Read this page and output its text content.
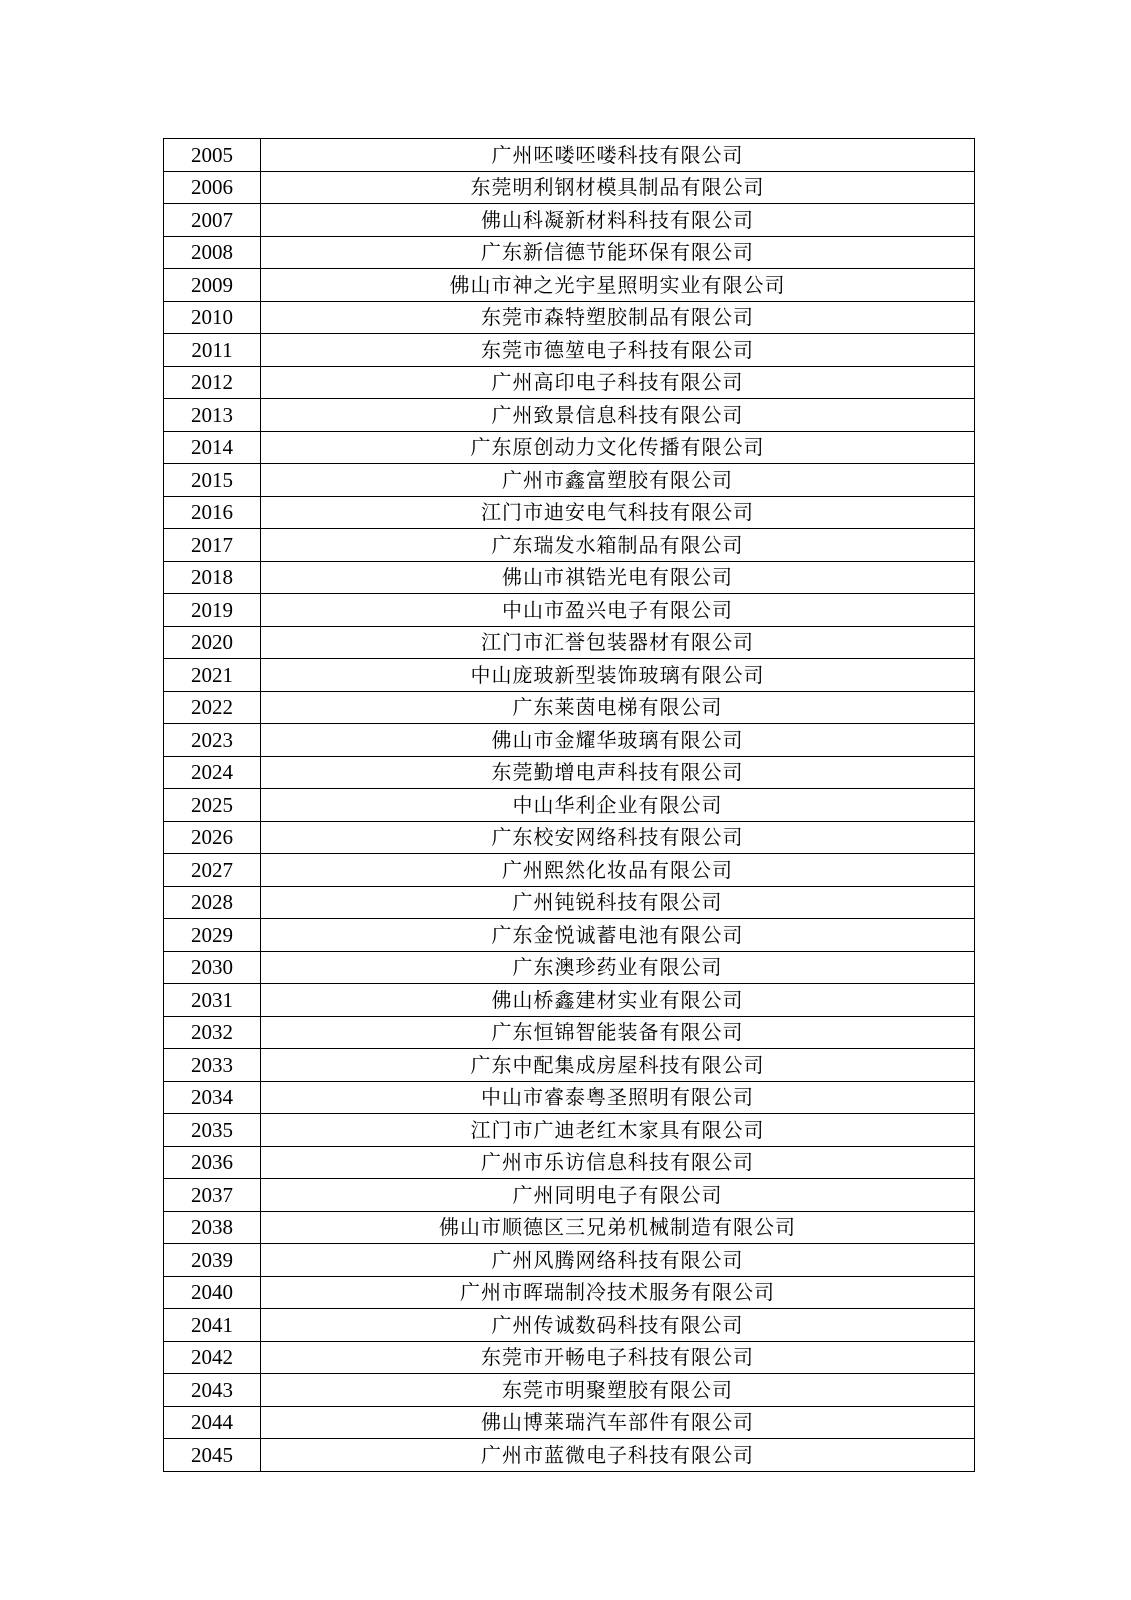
2005	广州呸喽呸喽科技有限公司
2006	东莞明利钢材模具制品有限公司
2007	佛山科凝新材料科技有限公司
2008	广东新信德节能环保有限公司
2009	佛山市神之光宇星照明实业有限公司
2010	东莞市森特塑胶制品有限公司
2011	东莞市德堃电子科技有限公司
2012	广州高印电子科技有限公司
2013	广州致景信息科技有限公司
2014	广东原创动力文化传播有限公司
2015	广州市鑫富塑胶有限公司
2016	江门市迪安电气科技有限公司
2017	广东瑞发水箱制品有限公司
2018	佛山市祺锆光电有限公司
2019	中山市盈兴电子有限公司
2020	江门市汇誉包装器材有限公司
2021	中山庞玻新型装饰玻璃有限公司
2022	广东莱茵电梯有限公司
2023	佛山市金耀华玻璃有限公司
2024	东莞勤增电声科技有限公司
2025	中山华利企业有限公司
2026	广东校安网络科技有限公司
2027	广州熙然化妆品有限公司
2028	广州钝锐科技有限公司
2029	广东金悦诚蓄电池有限公司
2030	广东澳珍药业有限公司
2031	佛山桥鑫建材实业有限公司
2032	广东恒锦智能装备有限公司
2033	广东中配集成房屋科技有限公司
2034	中山市睿泰粤圣照明有限公司
2035	江门市广迪老红木家具有限公司
2036	广州市乐访信息科技有限公司
2037	广州同明电子有限公司
2038	佛山市顺德区三兄弟机械制造有限公司
2039	广州风腾网络科技有限公司
2040	广州市晖瑞制冷技术服务有限公司
2041	广州传诚数码科技有限公司
2042	东莞市开畅电子科技有限公司
2043	东莞市明聚塑胶有限公司
2044	佛山博莱瑞汽车部件有限公司
2045	广州市蓝微电子科技有限公司
